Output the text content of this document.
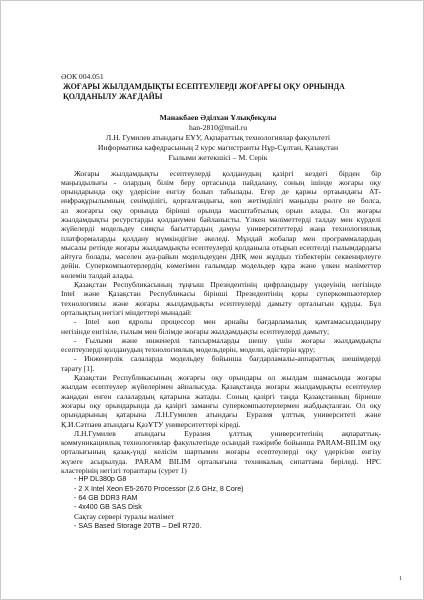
ӘОК 004.051
ЖОҒАРЫ ЖЫЛДАМДЫҚТЫ ЕСЕПТЕУЛЕРДІ ЖОҒАРҒЫ ОҚУ ОРНЫНДА
ҚОЛДАНЫЛУ ЖАҒДАЙЫ
Манакбаев Әділхан Ұлықбекұлы
han-2810@mail.ru
Л.Н. Гумилев атындағы ЕҰУ, Ақпараттық технологиялар факультеті
Информатика кафедрасының 2 курс магистранты Нұр-Сұлтан, Қазақстан
Ғылыми жетекшісі – М. Серік
Жоғары жылдамдықты есептеулерді қолданудың қазіргі кездегі бірден бір
маңыздылығы - олардың білім беру ортасында пайдалану, соның ішінде жоғары оқу
орындарында оқу үдерісіне енгізу болып табылады. Егер де қаржы ортаындағы АТ-
инфрақұрылымның сенімділігі, қорғалғандығы, көп жетімділігі маңызды рөлге ие болса,
ал жоғарғы оқу орнында бірінші орында масштабтылық орын алады. Ол жоғары
жылдамдықты ресурстарды қолданумен байланысты. Үлкен мәліметтерді талдау мен күрделі
жүйелерді модельдеу сияқты бағыттардың дамуы университеттерді жаңа технологиялық
платформаларды қолдану мүмкіндігіне әкеледі. Мұндай жобалар мен программалардың
мысалы ретінде жоғары жылдамдықты есептеулерді қолданыла отырып есептелді ғылымдардағы
айтуға болады, мәселен ауа-райын модельдеуден ДНҚ мен жұлдыз тізбектерін секвенирлеуге
дейін. Суперкомпьютерлердің көмегімен ғалымдар модельдер құра және үлкен мәліметтер
көлемін талдай алады.
Қазақстан Республикасының тұңғыш Президентінің цифрландыру үндеуінің негізінде
Intel және Қазақстан Республикасы бірінші Президентінің қоры суперкомпьютерлер
технологиясы және жоғары жылдамдықты есептеулерді дамыту орталығын құрды. Бұл
орталықтың негізгі міндеттері мынадай:
- Intel көп ядролы процессор мен арнайы бағдарламалық қамтамасыздандыру
негізінде енгізіле, ғылым мен білімде жоғары жылдамдықты есептеулерді дамыту;
- Ғылыми және инженерлі тапсырмаларды шешу үшін жоғары жылдамдықты
есептеулерді қолданудың технологиялық модельдерін, модели, әдістерін құру;
- Инженерлік салаларда модельдеу бойынша бағдарламалы-аппараттық шешімдерді
тарату [1].
Қазақстан Республикасының жоғарғы оқу орындары ол жылдам шамасында жоғары
жылдам есептеулер жүйелерімен айналысуда. Қазақстанда жоғары жылдамдықты есептеулер
жаңадан енген салалардың қатарына жатады. Соның қазіргі таңда Қазақстанның бірнеше
жоғары оқу орындарында да қазіргі заманғы суперкомпьютерлермен жабдықталған. Ол оқу
орындарының қатарына Л.Н.Гумилев атындағы Еуразия ұлттық университеті және
Қ.И.Сәтпаев атындағы ҚазҰТУ университеттері кіреді.
Л.Н.Гумилев атындағы Еуразия ұлттық университетінің ақпараттық-
коммуникациялық технологиялар факультетінде осындай тәжірибе бойынша PARAM-BILIM оқу
орталығының қазақ-үнді келісім шартымен жоғары есептеулерді оқу үдерісіне енгізу
жүзеге асырылуда. PARAM BILIM орталығына техникалық сипаттама беріледі. HPC
кластерінің негізгі тораптары (сурет 1)
- HP DL380p G8
- 2 X Intel Xeon E5-2670 Processor (2.6 GHz, 8 Core)
- 64 GB DDR3 RAM
- 4x400 GB SAS Disk
Сақтау сервері туралы мәлімет
- SAS Based Storage 20TB – Dell R720.
1
